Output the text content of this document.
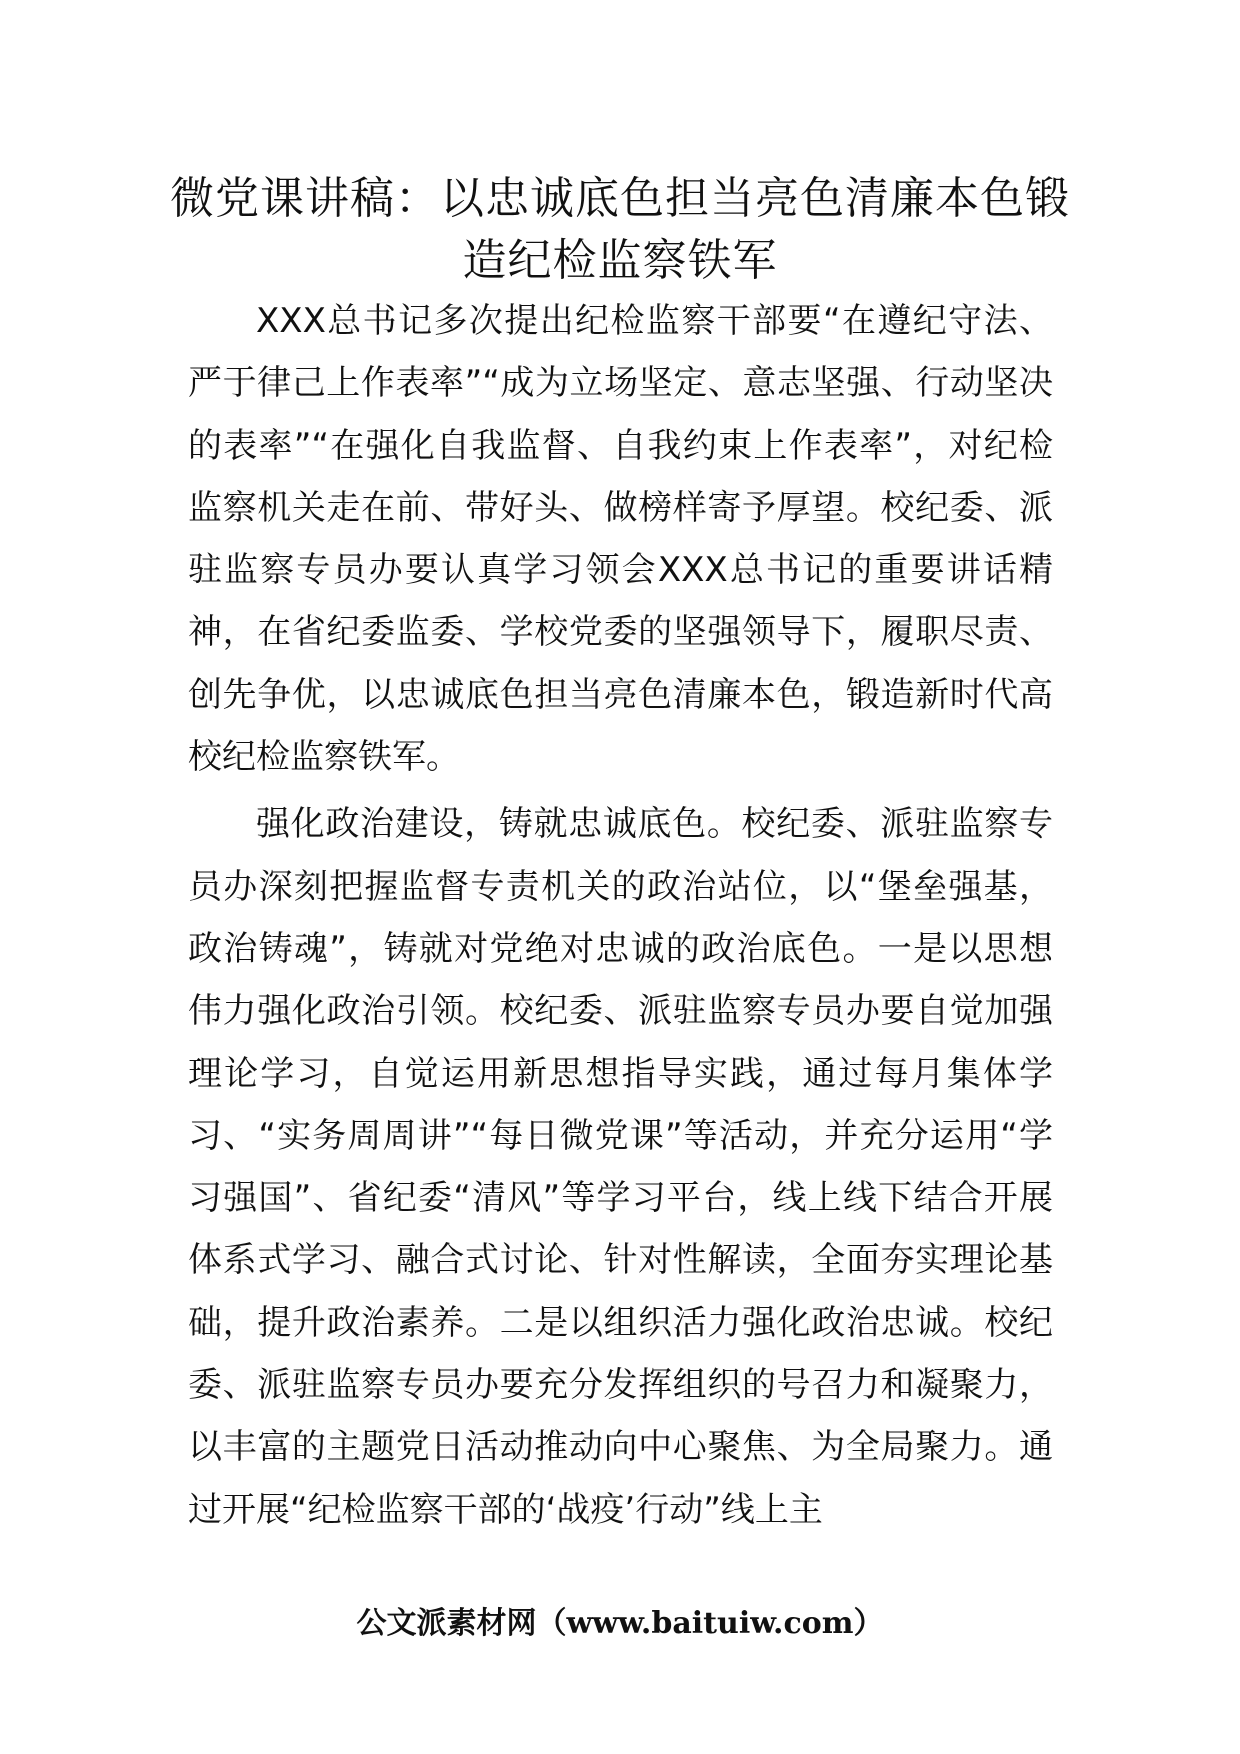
微党课讲稿：以忠诚底色担当亮色清廉本色锻造纪检监察铁军

XXX总书记多次提出纪检监察干部要“在遵纪守法、严于律己上作表率”“成为立场坚定、意志坚强、行动坚决的表率”“在强化自我监督、自我约束上作表率”，对纪检监察机关走在前、带好头、做榜样寄予厚望。校纪委、派驻监察专员办要认真学习领会XXX总书记的重要讲话精神，在省纪委监委、学校党委的坚强领导下，履职尽责、创先争优，以忠诚底色担当亮色清廉本色，锻造新时代高校纪检监察铁军。

强化政治建设，铸就忠诚底色。校纪委、派驻监察专员办深刻把握监督专责机关的政治站位，以“堡垒强基，政治铸魂”，铸就对党绝对忠诚的政治底色。一是以思想伟力强化政治引领。校纪委、派驻监察专员办要自觉加强理论学习，自觉运用新思想指导实践，通过每月集体学习、“实务周周讲”“每日微党课”等活动，并充分运用“学习强国”、省纪委“清风”等学习平台，线上线下结合开展体系式学习、融合式讨论、针对性解读，全面夯实理论基础，提升政治素养。二是以组织活力强化政治忠诚。校纪委、派驻监察专员办要充分发挥组织的号召力和凝聚力，以丰富的主题党日活动推动向中心聚焦、为全局聚力。通过开展“纪检监察干部的‘战疫’行动”线上主

公文派素材网（www.baituiw.com）
